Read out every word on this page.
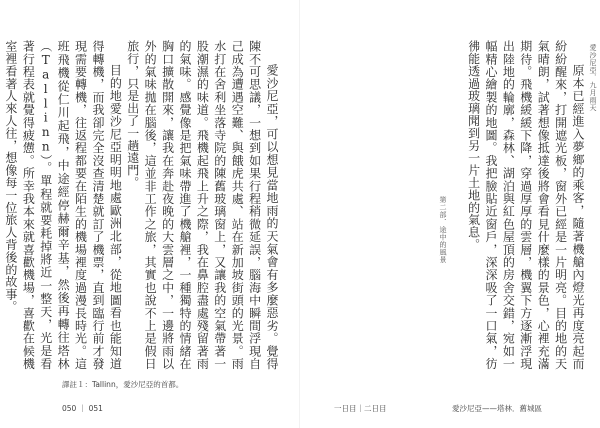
愛沙尼亞，可以想見當地雨的天氣會有多麼惡劣。覺得陳不可思議，一想到如果行程稍微延誤，腦海中瞬間浮現自己成為遭遇空難、與餓虎共處、站在新加坡街頭的光景。雨水打在舍利坐落寺院的陳舊玻璃窗上，又讓我的空氣帶著一股潮濕的味道。飛機起飛上升之際，我在鼻腔盡處殘留著雨的氣味。感覺像是把氣味帶進了機艙裡，一種獨特的情緒在胸口擴散開來，讓我在奔赴夜晚的大雲層之中，一邊將雨以外的氣味拋在腦後，這並非工作之旅，其實也說不上是假日旅行，只是出了一趟遠門。

目的地愛沙尼亞明明地處歐洲北部，從地圖看也能知道得轉機，而我卻完全沒查清楚就訂了機票，直到臨行前才發現需要轉機，往返程都要在陌生的機場裡度過漫長時光。這班飛機從仁川起飛，中途經停赫爾辛基，然後再轉往塔林（Tallinn）。單程就要耗掉將近一整天，光是看著行程表就覺得疲憊。所幸我本來就喜歡機場，喜歡在候機室裡看著人來人往，想像每一位旅人背後的故事。

譯註１：Tallinn，愛沙尼亞的首都。
050 ｜ 051
愛沙尼亞．九月雨天

原本已經進入夢鄉的乘客，隨著機艙內燈光再度亮起而紛紛醒來，打開遮光板，窗外已經是一片明亮。目的地的天氣晴朗，試著想像抵達後將會看見什麼樣的景色，心裡充滿期待。飛機緩緩下降，穿過厚厚的雲層，機翼下方逐漸浮現出陸地的輪廓，森林、湖泊與紅色屋頂的房舍交錯，宛如一幅精心繪製的地圖。我把臉貼近窗戶，深深吸了一口氣，彷彿能透過玻璃聞到另一片土地的氣息。

第二部．途中的風景
一日目｜二日目	愛沙尼亞——塔林．舊城區
